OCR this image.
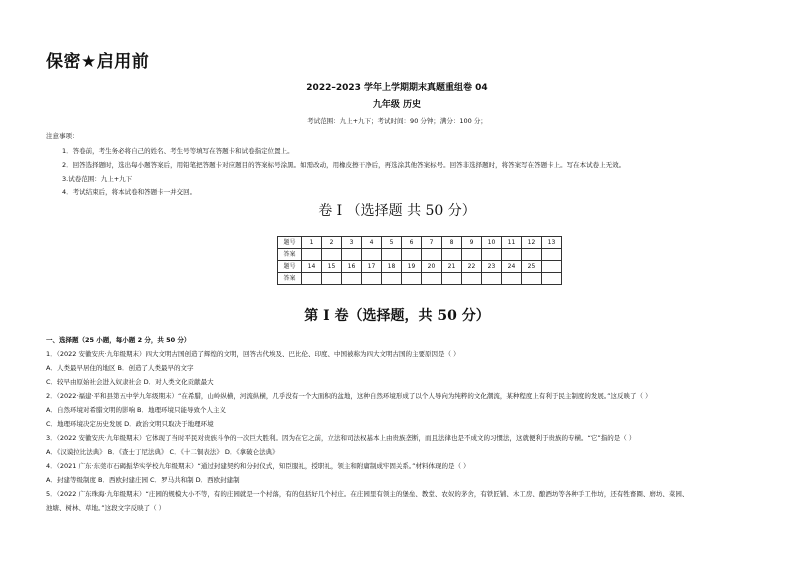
保密★启用前
2022–2023 学年上学期期末真题重组卷 04
九年级 历史
考试范围：九上+九下；考试时间：90 分钟；满分：100 分；
注意事项：
1．答卷前，考生务必将自己的姓名、考生号等填写在答题卡和试卷指定位置上。
2．回答选择题时，选出每小题答案后，用铅笔把答题卡对应题目的答案标号涂黑。如需改动，用橡皮擦干净后，再选涂其他答案标号。回答非选择题时，将答案写在答题卡上。写在本试卷上无效。
3.试卷范围：九上+九下
4．考试结束后，将本试卷和答题卡一并交回。
卷 I （选择题 共 50 分）
题号	1	2	3	4	5	6	7	8	9	10	11	12	13
答案													
题号	14	15	16	17	18	19	20	21	22	23	24	25	
答案													
第 I 卷（选择题，共 50 分）
一、选择题（25 小题，每小题 2 分，共 50 分）
1．（2022 安徽安庆·九年级期末）四大文明古国创造了辉煌的文明，回答古代埃及、巴比伦、印度、中国被称为四大文明古国的主要原因是（ ）
A．人类最早居住的地区 B．创造了人类最早的文字
C．较早由原始社会进入奴隶社会 D．对人类文化贡献最大
2．（2022·福建·平和县第五中学九年级期末）“在希腊，山岭纵横，河流纵横，几乎没有一个大面积的盆地，这种自然环境形成了以个人导向为纯粹的文化潮流，某种程度上有利于民主制度的发展。”这反映了（ ）
A．自然环境对希腊文明的影响 B．地理环境只能导致个人主义
C．地理环境决定历史发展 D．政治文明只取决于地理环境
3．（2022 安徽安庆·九年级期末）它体现了当时平民对贵族斗争的一次巨大胜利。因为在它之前，立法和司法权基本上由贵族垄断，而且法律也是不成文的习惯法，这就便利于贵族的专横。“它”指的是（ ）
A．《汉谟拉比法典》 B．《查士丁尼法典》 C．《十二铜表法》 D．《拿破仑法典》
4．（2021 广东·东莞市石碣振华实学校九年级期末）“通过封建契约和分封仪式，知臣服礼，授职礼，领主和附庸制成牢固关系。”材料体现的是（ ）
A．封建等级制度 B．西欧封建庄园 C．罗马共和制 D．西欧封建制
5．（2022 广东珠海·九年级期末）“庄园的规模大小不等，有的庄园就是一个村落，有的包括好几个村庄。在庄园里有领主的堡垒、教堂、农奴的茅舍，有铁匠铺、木工房、酿酒坊等各种手工作坊，还有牲畜圈、磨坊、菜园、
池塘、树林、草地。”这段文字反映了（ ）
